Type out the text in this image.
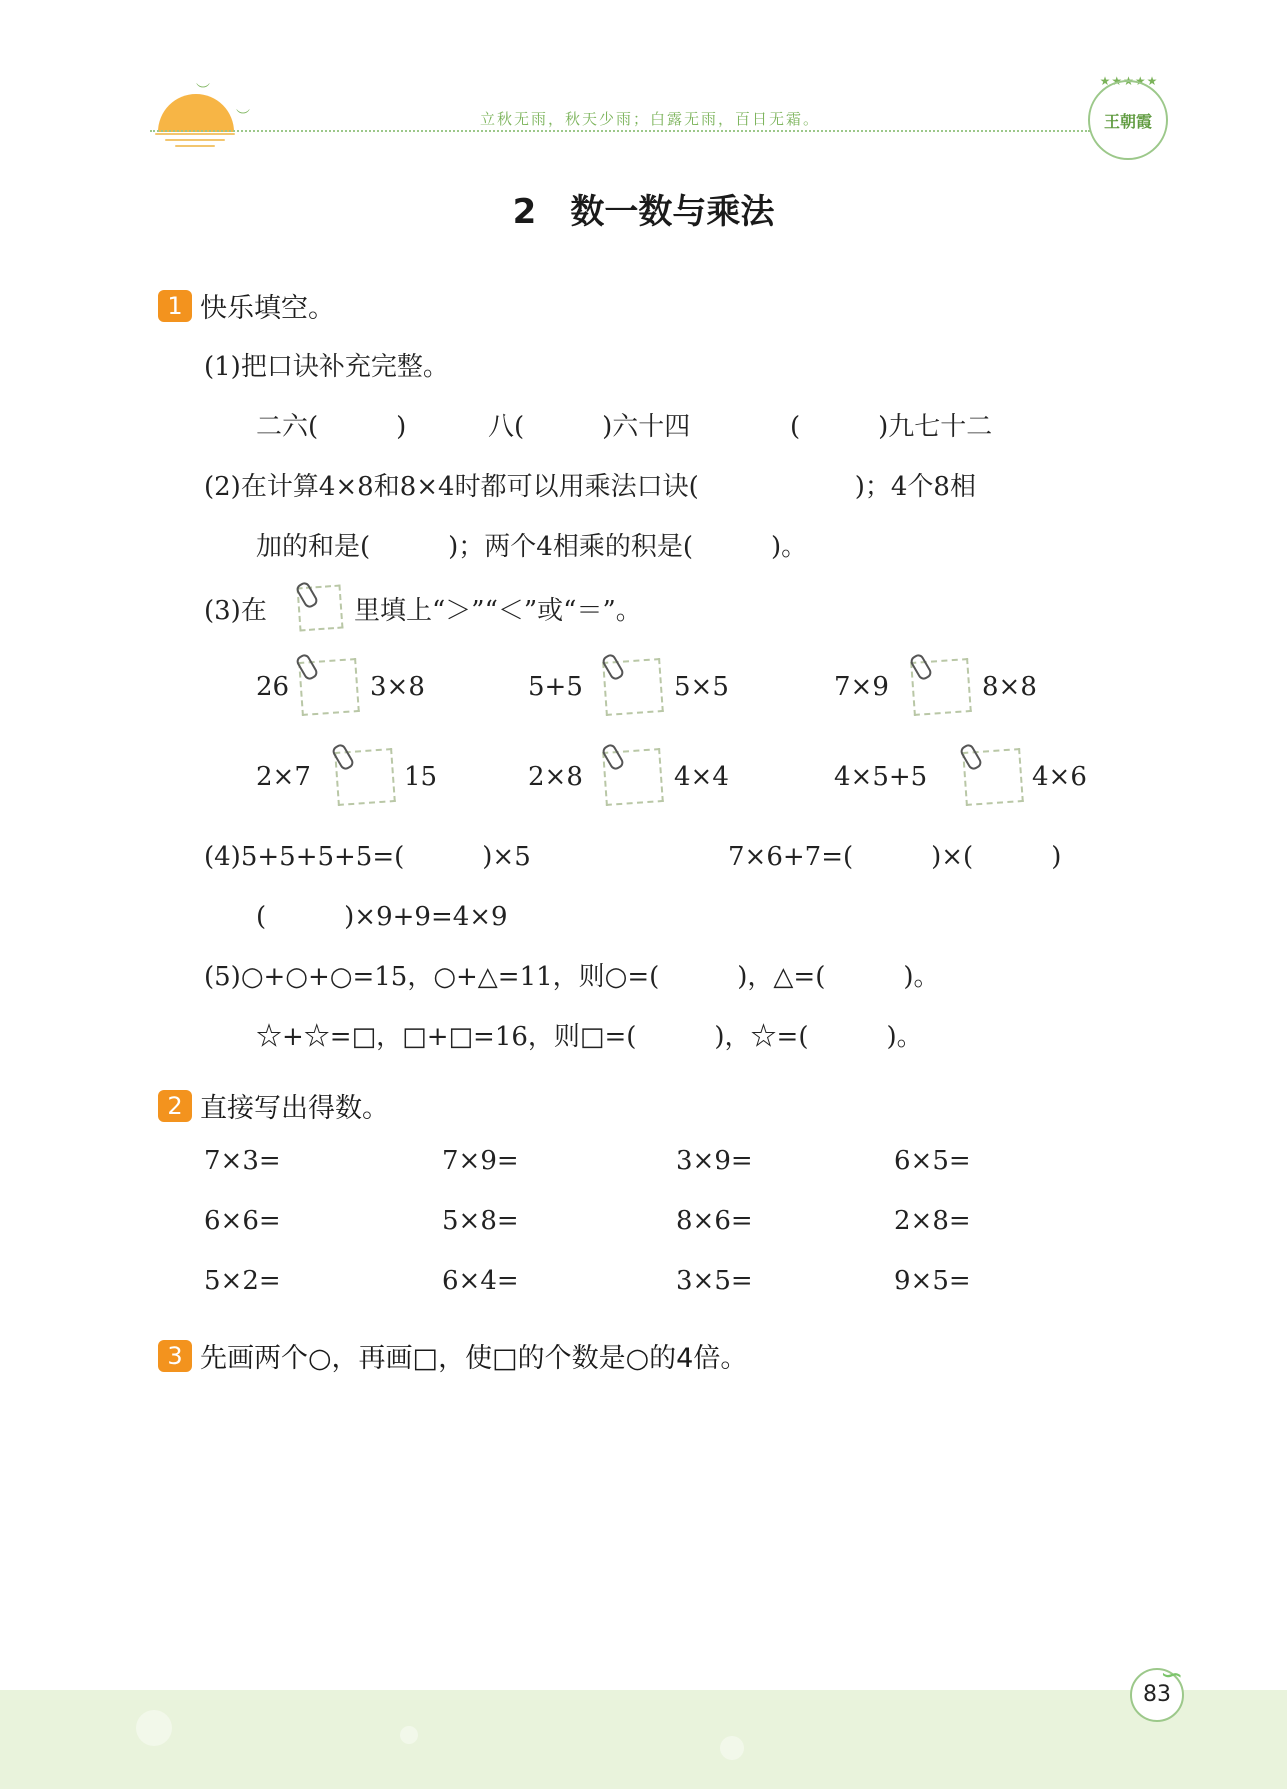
︶
︶	立秋无雨，秋天少雨；白露无雨，百日无霜。
★★★★★
王朝霞
2　数一数与乘法
1 快乐填空。
(1)把口诀补充完整。
二六(　　　)	八(　　　)六十四	(　　　)九七十二
(2)在计算4×8和8×4时都可以用乘法口诀(　　　　　　)；4个8相
加的和是(　　　)；两个4相乘的积是(　　　)。
(3)在	里填上“＞”“＜”或“＝”。
26	3×8	5+5	5×5	7×9	8×8
2×7	15	2×8	4×4	4×5+5	4×6
(4)5+5+5+5=(　　　)×5	7×6+7=(　　　)×(　　　)
(　　　)×9+9=4×9
(5)○+○+○=15，○+△=11，则○=(　　　)，△=(　　　)。
☆+☆=□，□+□=16，则□=(　　　)，☆=(　　　)。
2 直接写出得数。
7×3=	7×9=	3×9=	6×5=
6×6=	5×8=	8×6=	2×8=
5×2=	6×4=	3×5=	9×5=
3 先画两个○，再画□，使□的个数是○的4倍。
83
∽
